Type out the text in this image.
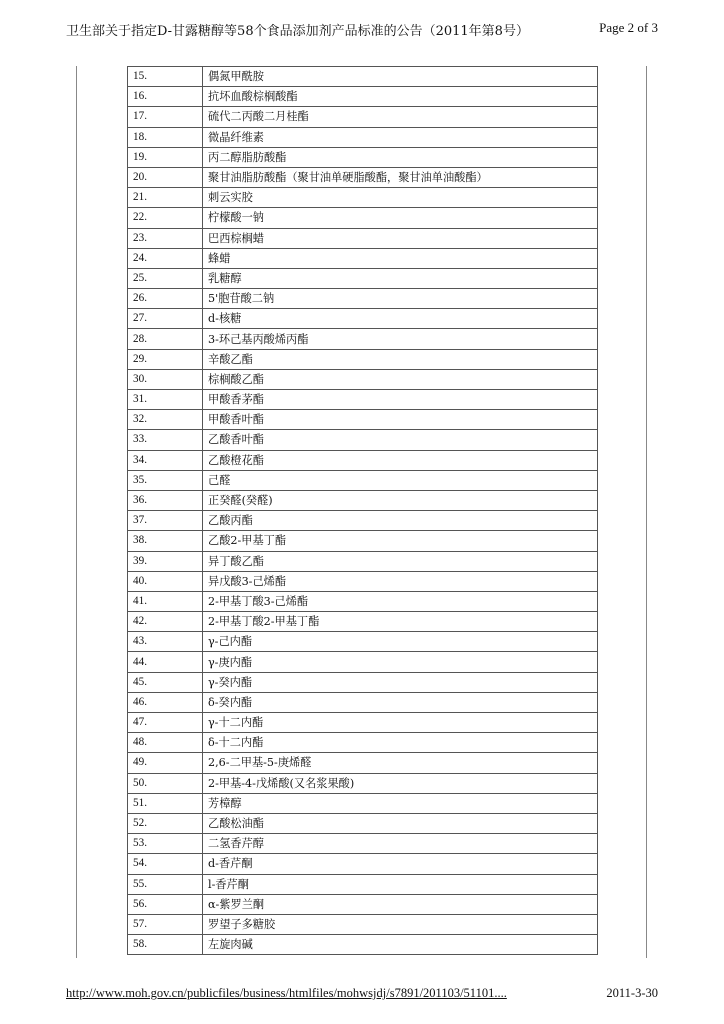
卫生部关于指定D-甘露糖醇等58个食品添加剂产品标准的公告（2011年第8号）	Page 2 of 3
15.	偶氮甲酰胺
16.	抗坏血酸棕榈酸酯
17.	硫代二丙酸二月桂酯
18.	微晶纤维素
19.	丙二醇脂肪酸酯
20.	聚甘油脂肪酸酯（聚甘油单硬脂酸酯，聚甘油单油酸酯）
21.	刺云实胶
22.	柠檬酸一钠
23.	巴西棕榈蜡
24.	蜂蜡
25.	乳糖醇
26.	5'胞苷酸二钠
27.	d-核糖
28.	3-环己基丙酸烯丙酯
29.	辛酸乙酯
30.	棕榈酸乙酯
31.	甲酸香茅酯
32.	甲酸香叶酯
33.	乙酸香叶酯
34.	乙酸橙花酯
35.	己醛
36.	正癸醛(癸醛)
37.	乙酸丙酯
38.	乙酸2-甲基丁酯
39.	异丁酸乙酯
40.	异戊酸3-己烯酯
41.	2-甲基丁酸3-己烯酯
42.	2-甲基丁酸2-甲基丁酯
43.	γ-己内酯
44.	γ-庚内酯
45.	γ-癸内酯
46.	δ-癸内酯
47.	γ-十二内酯
48.	δ-十二内酯
49.	2,6-二甲基-5-庚烯醛
50.	2-甲基-4-戊烯酸(又名浆果酸)
51.	芳樟醇
52.	乙酸松油酯
53.	二氢香芹醇
54.	d-香芹酮
55.	l-香芹酮
56.	α-紫罗兰酮
57.	罗望子多糖胶
58.	左旋肉碱
http://www.moh.gov.cn/publicfiles/business/htmlfiles/mohwsjdj/s7891/201103/51101....	2011-3-30
